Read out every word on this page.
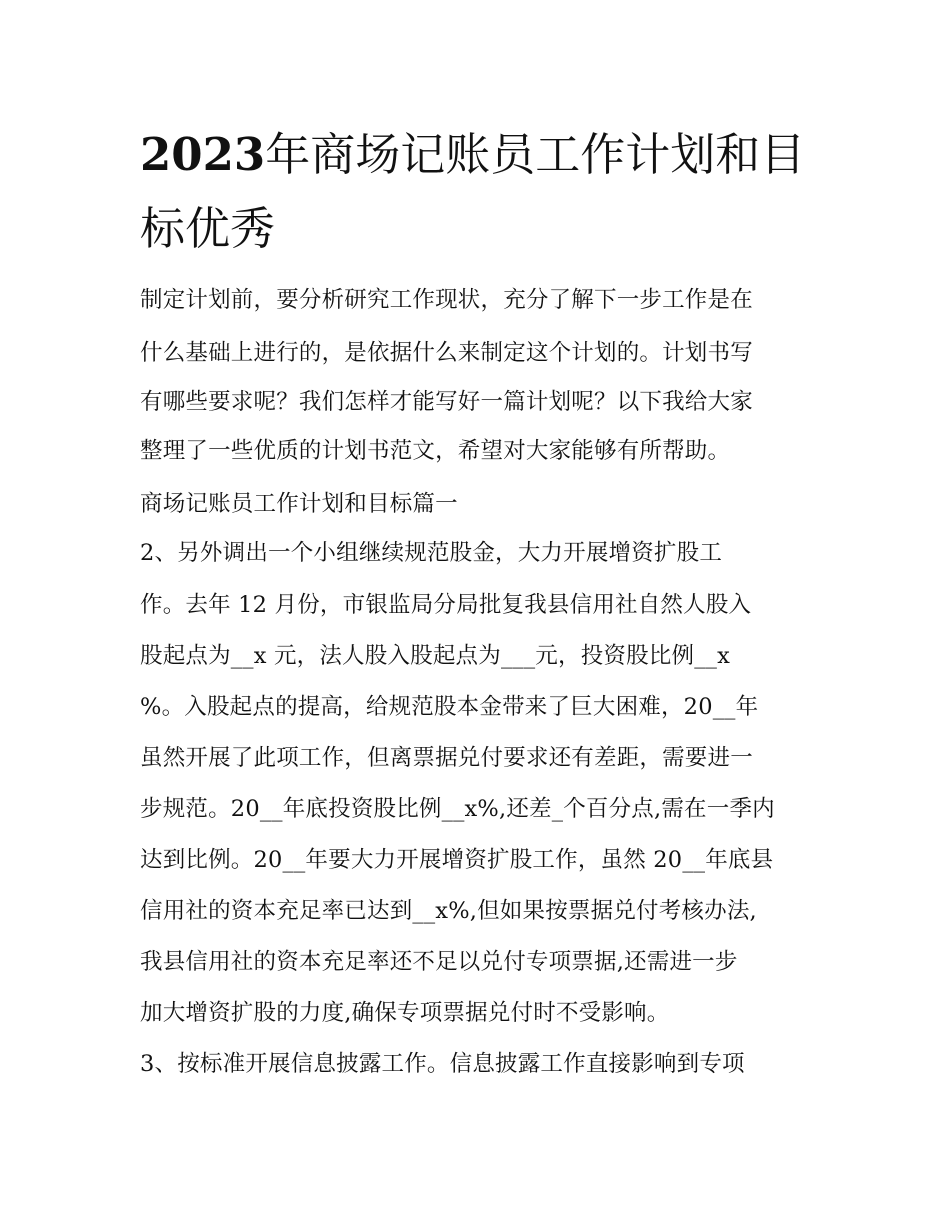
2023年商场记账员工作计划和目标优秀

制定计划前，要分析研究工作现状，充分了解下一步工作是在

什么基础上进行的，是依据什么来制定这个计划的。计划书写

有哪些要求呢？我们怎样才能写好一篇计划呢？以下我给大家

整理了一些优质的计划书范文，希望对大家能够有所帮助。

商场记账员工作计划和目标篇一

2、另外调出一个小组继续规范股金，大力开展增资扩股工

作。去年 12 月份，市银监局分局批复我县信用社自然人股入

股起点为__x 元，法人股入股起点为___元，投资股比例__x

%。入股起点的提高，给规范股本金带来了巨大困难，20__年

虽然开展了此项工作，但离票据兑付要求还有差距，需要进一

步规范。20__年底投资股比例__x%,还差_个百分点,需在一季内

达到比例。20__年要大力开展增资扩股工作，虽然 20__年底县

信用社的资本充足率已达到__x%,但如果按票据兑付考核办法,

我县信用社的资本充足率还不足以兑付专项票据,还需进一步

加大增资扩股的力度,确保专项票据兑付时不受影响。

3、按标准开展信息披露工作。信息披露工作直接影响到专项
